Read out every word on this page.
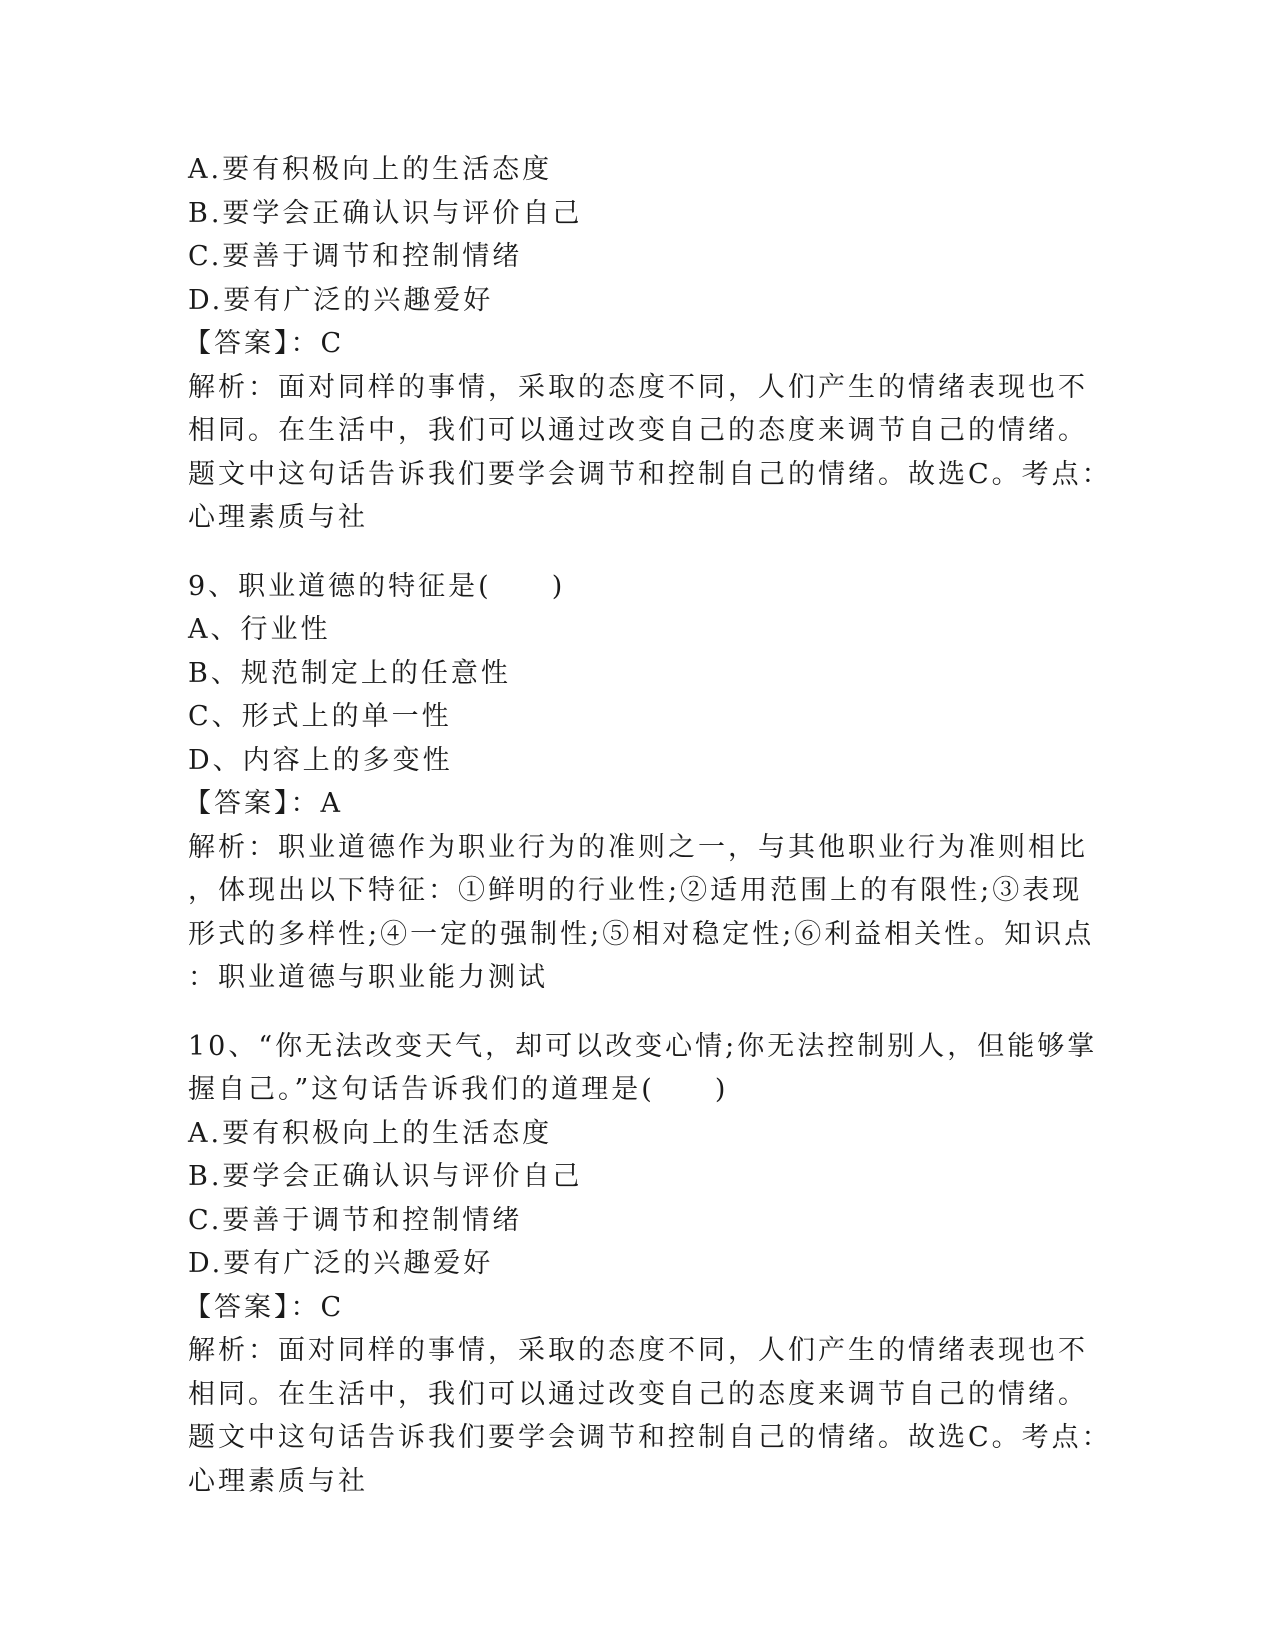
A.要有积极向上的生活态度
B.要学会正确认识与评价自己
C.要善于调节和控制情绪
D.要有广泛的兴趣爱好
【答案】：C
解析：面对同样的事情，采取的态度不同，人们产生的情绪表现也不
相同。在生活中，我们可以通过改变自己的态度来调节自己的情绪。
题文中这句话告诉我们要学会调节和控制自己的情绪。故选C。考点：
心理素质与社
9、职业道德的特征是(　　)
A、行业性
B、规范制定上的任意性
C、形式上的单一性
D、内容上的多变性
【答案】：A
解析：职业道德作为职业行为的准则之一，与其他职业行为准则相比
，体现出以下特征：①鲜明的行业性;②适用范围上的有限性;③表现
形式的多样性;④一定的强制性;⑤相对稳定性;⑥利益相关性。知识点
：职业道德与职业能力测试
10、“你无法改变天气，却可以改变心情;你无法控制别人，但能够掌
握自己。”这句话告诉我们的道理是(　　)
A.要有积极向上的生活态度
B.要学会正确认识与评价自己
C.要善于调节和控制情绪
D.要有广泛的兴趣爱好
【答案】：C
解析：面对同样的事情，采取的态度不同，人们产生的情绪表现也不
相同。在生活中，我们可以通过改变自己的态度来调节自己的情绪。
题文中这句话告诉我们要学会调节和控制自己的情绪。故选C。考点：
心理素质与社
